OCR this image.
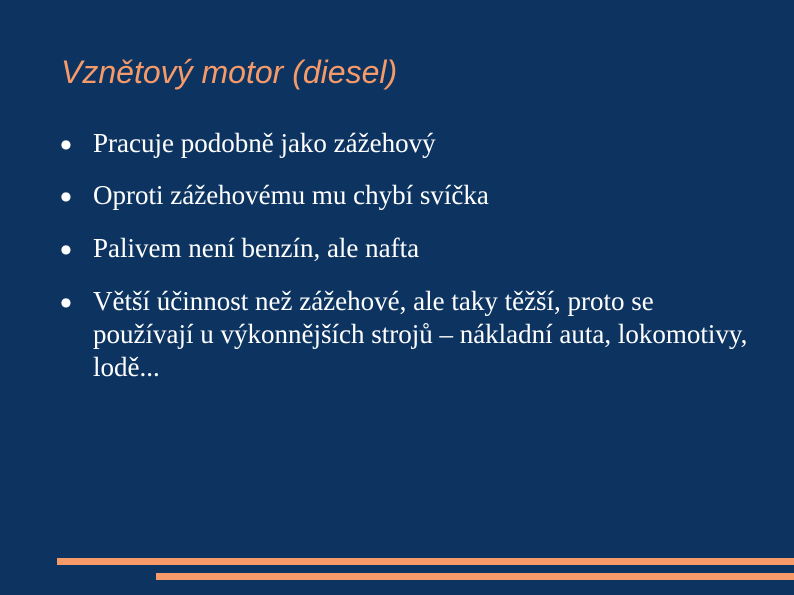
Vznětový motor (diesel)
● Pracuje podobně jako zážehový
● Oproti zážehovému mu chybí svíčka
● Palivem není benzín, ale nafta
● Větší účinnost než zážehové, ale taky těžší, proto se používají u výkonnějších strojů – nákladní auta, lokomotivy, lodě...
